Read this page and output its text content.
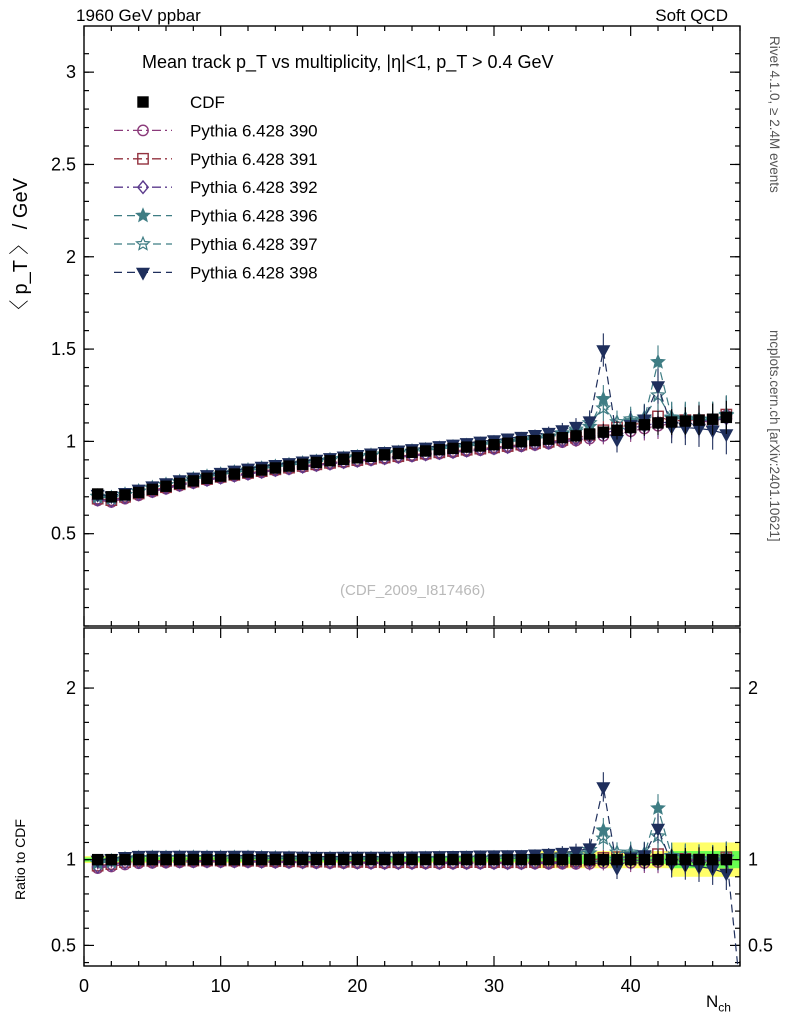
1960 GeV ppbar	Soft QCD
Rivet 4.1.0, ≥ 2.4M events
mcplots.cern.ch [arXiv:2401.10621]
〈 p_T 〉 / GeV
Ratio to CDF
$N_{ch}$
0	10	20	30	40
0.5
1
1.5
2
2.5
3
0.5	0.5
1	1
2	2
CDF
Pythia 6.428 390
Pythia 6.428 391
Pythia 6.428 392
Pythia 6.428 396
Pythia 6.428 397
Pythia 6.428 398
Mean track p_T vs multiplicity, |η|<1, p_T > 0.4 GeV
(CDF_2009_I817466)
